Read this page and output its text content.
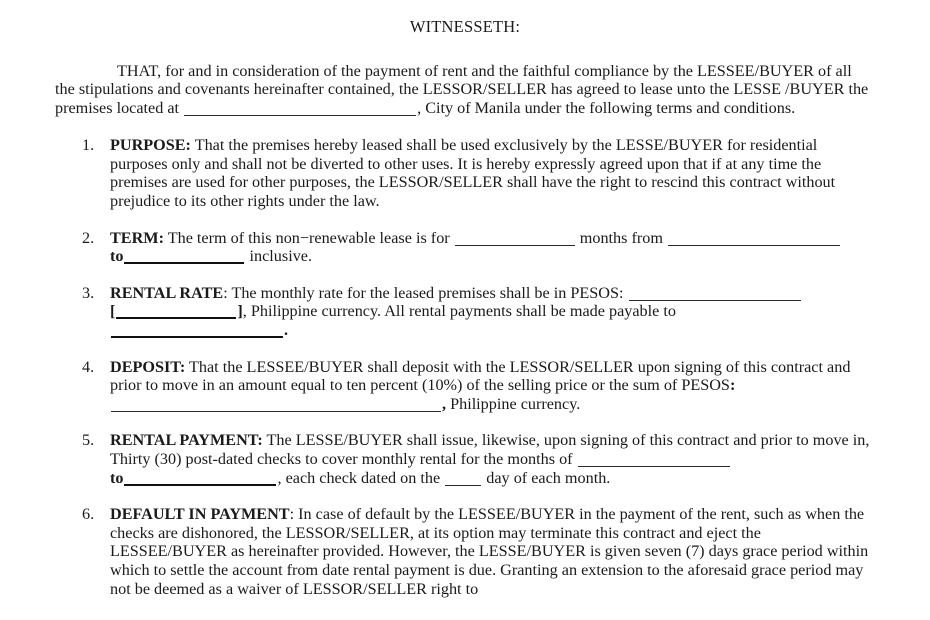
WITNESSETH:

THAT, for and in consideration of the payment of rent and the faithful compliance by the LESSEE/BUYER of all the stipulations and covenants hereinafter contained, the LESSOR/SELLER has agreed to lease unto the LESSE /BUYER the premises located at	, City of Manila under the following terms and conditions.

1. PURPOSE: That the premises hereby leased shall be used exclusively by the LESSE/BUYER for residential purposes only and shall not be diverted to other uses. It is hereby expressly agreed upon that if at any time the premises are used for other purposes, the LESSOR/SELLER shall have the right to rescind this contract without prejudice to its other rights under the law.
2. TERM: The term of this non−renewable lease is for	months from
to	inclusive.
3. RENTAL RATE: The monthly rate for the leased premises shall be in PESOS:
[	], Philippine currency. All rental payments shall be made payable to
.
4. DEPOSIT: That the LESSEE/BUYER shall deposit with the LESSOR/SELLER upon signing of this contract and prior to move in an amount equal to ten percent (10%) of the selling price or the sum of PESOS:, Philippine currency.
5. RENTAL PAYMENT: The LESSE/BUYER shall issue, likewise, upon signing of this contract and prior to move in, Thirty (30) post-dated checks to cover monthly rental for the months of
to	, each check dated on the  day of each month.
6. DEFAULT IN PAYMENT: In case of default by the LESSEE/BUYER in the payment of the rent, such as when the checks are dishonored, the LESSOR/SELLER, at its option may terminate this contract and eject the LESSEE/BUYER as hereinafter provided. However, the LESSE/BUYER is given seven (7) days grace period within which to settle the account from date rental payment is due. Granting an extension to the aforesaid grace period may not be deemed as a waiver of LESSOR/SELLER right to
